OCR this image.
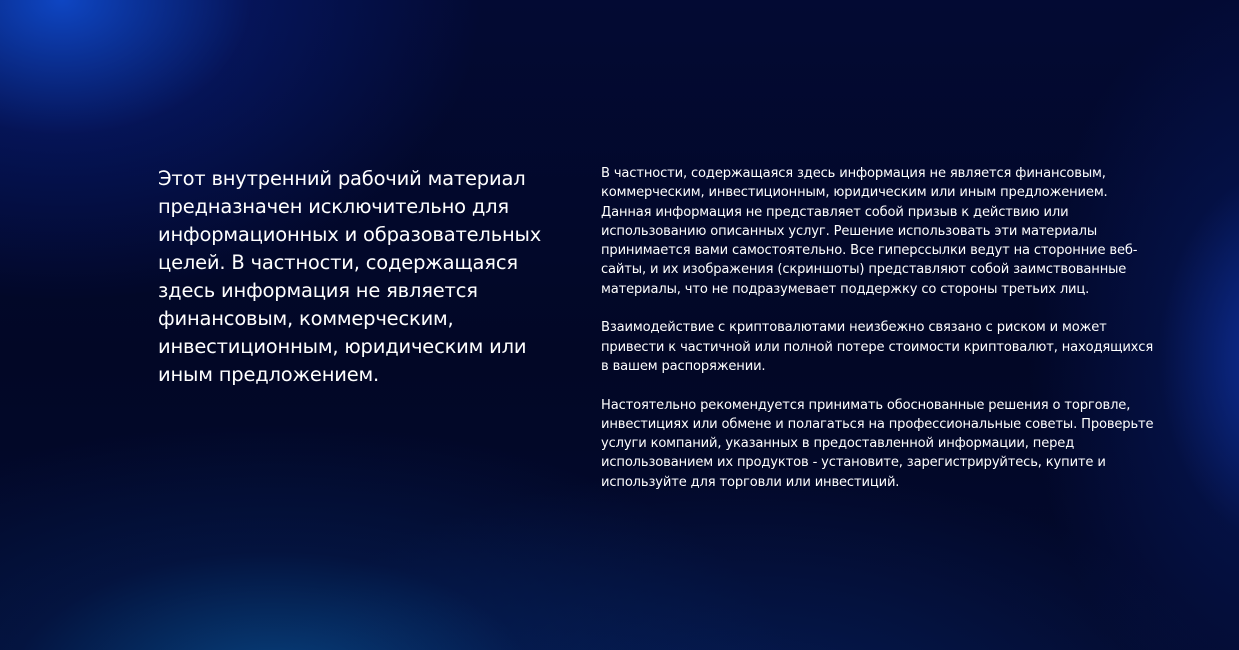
Этот внутренний рабочий материал предназначен исключительно для информационных и образовательных целей. В частности, содержащаяся здесь информация не является финансовым, коммерческим, инвестиционным, юридическим или иным предложением.

В частности, содержащаяся здесь информация не является финансовым, коммерческим, инвестиционным, юридическим или иным предложением. Данная информация не представляет собой призыв к действию или использованию описанных услуг. Решение использовать эти материалы принимается вами самостоятельно. Все гиперссылки ведут на сторонние веб-сайты, и их изображения (скриншоты) представляют собой заимствованные материалы, что не подразумевает поддержку со стороны третьих лиц.

Взаимодействие с криптовалютами неизбежно связано с риском и может привести к частичной или полной потере стоимости криптовалют, находящихся в вашем распоряжении.

Настоятельно рекомендуется принимать обоснованные решения о торговле, инвестициях или обмене и полагаться на профессиональные советы. Проверьте услуги компаний, указанных в предоставленной информации, перед использованием их продуктов - установите, зарегистрируйтесь, купите и используйте для торговли или инвестиций.
